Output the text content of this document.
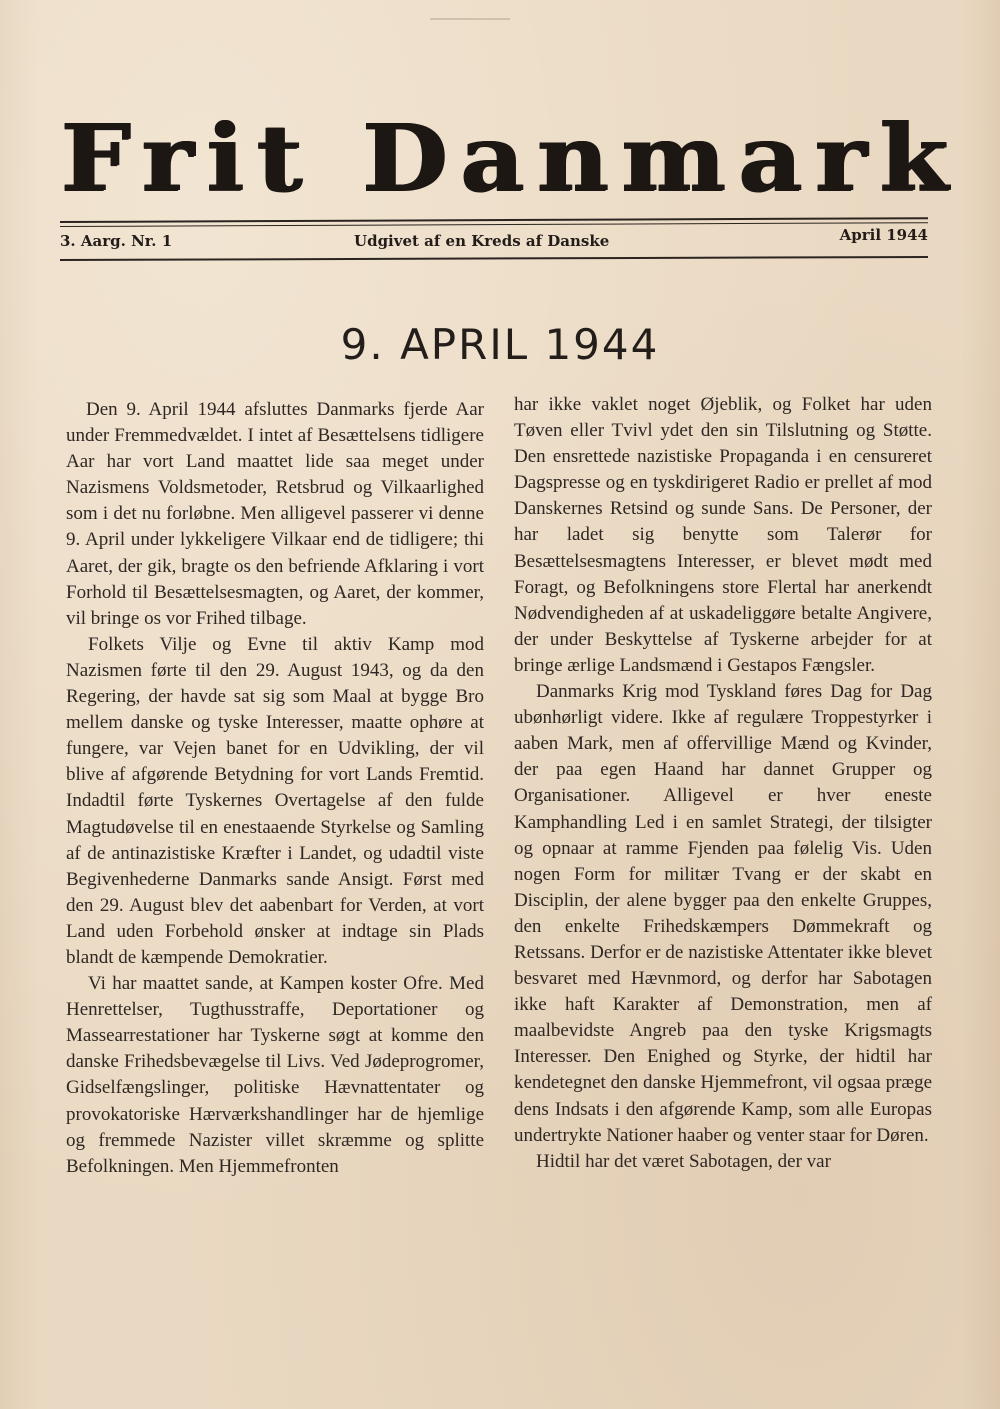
Frit Danmark
3. Aarg. Nr. 1	Udgivet af en Kreds af Danske	April 1944
9. APRIL 1944

Den 9. April 1944 afsluttes Danmarks fjerde Aar under Fremmedvældet. I intet af Besættelsens tidligere Aar har vort Land maattet lide saa meget under Nazismens Voldsmetoder, Retsbrud og Vilkaarlighed som i det nu forløbne. Men alligevel passerer vi denne 9. April under lykkeligere Vilkaar end de tidligere; thi Aaret, der gik, bragte os den befriende Afklaring i vort Forhold til Besættelsesmagten, og Aaret, der kommer, vil bringe os vor Frihed tilbage.

Folkets Vilje og Evne til aktiv Kamp mod Nazismen førte til den 29. August 1943, og da den Regering, der havde sat sig som Maal at bygge Bro mellem danske og tyske Interesser, maatte ophøre at fungere, var Vejen banet for en Udvikling, der vil blive af afgørende Betydning for vort Lands Fremtid. Indadtil førte Tyskernes Overtagelse af den fulde Magtudøvelse til en enestaaende Styrkelse og Samling af de antinazistiske Kræfter i Landet, og udadtil viste Begivenhederne Danmarks sande Ansigt. Først med den 29. August blev det aabenbart for Verden, at vort Land uden Forbehold ønsker at indtage sin Plads blandt de kæmpende Demokratier.

Vi har maattet sande, at Kampen koster Ofre. Med Henrettelser, Tugthusstraffe, Deportationer og Massearrestationer har Tyskerne søgt at komme den danske Frihedsbevægelse til Livs. Ved Jødeprogromer, Gidselfængslinger, politiske Hævnattentater og provokatoriske Hærværkshandlinger har de hjemlige og fremmede Nazister villet skræmme og splitte Befolkningen. Men Hjemmefronten

har ikke vaklet noget Øjeblik, og Folket har uden Tøven eller Tvivl ydet den sin Tilslutning og Støtte. Den ensrettede nazistiske Propaganda i en censureret Dagspresse og en tyskdirigeret Radio er prellet af mod Danskernes Retsind og sunde Sans. De Personer, der har ladet sig benytte som Talerør for Besættelsesmagtens Interesser, er blevet mødt med Foragt, og Befolkningens store Flertal har anerkendt Nødvendigheden af at uskadeliggøre betalte Angivere, der under Beskyttelse af Tyskerne arbejder for at bringe ærlige Landsmænd i Gestapos Fængsler.

Danmarks Krig mod Tyskland føres Dag for Dag ubønhørligt videre. Ikke af regulære Troppestyrker i aaben Mark, men af offervillige Mænd og Kvinder, der paa egen Haand har dannet Grupper og Organisationer. Alligevel er hver eneste Kamphandling Led i en samlet Strategi, der tilsigter og opnaar at ramme Fjenden paa følelig Vis. Uden nogen Form for militær Tvang er der skabt en Disciplin, der alene bygger paa den enkelte Gruppes, den enkelte Frihedskæmpers Dømmekraft og Retssans. Derfor er de nazistiske Attentater ikke blevet besvaret med Hævnmord, og derfor har Sabotagen ikke haft Karakter af Demonstration, men af maalbevidste Angreb paa den tyske Krigsmagts Interesser. Den Enighed og Styrke, der hidtil har kendetegnet den danske Hjemmefront, vil ogsaa præge dens Indsats i den afgørende Kamp, som alle Europas undertrykte Nationer haaber og venter staar for Døren.

Hidtil har det været Sabotagen, der var
